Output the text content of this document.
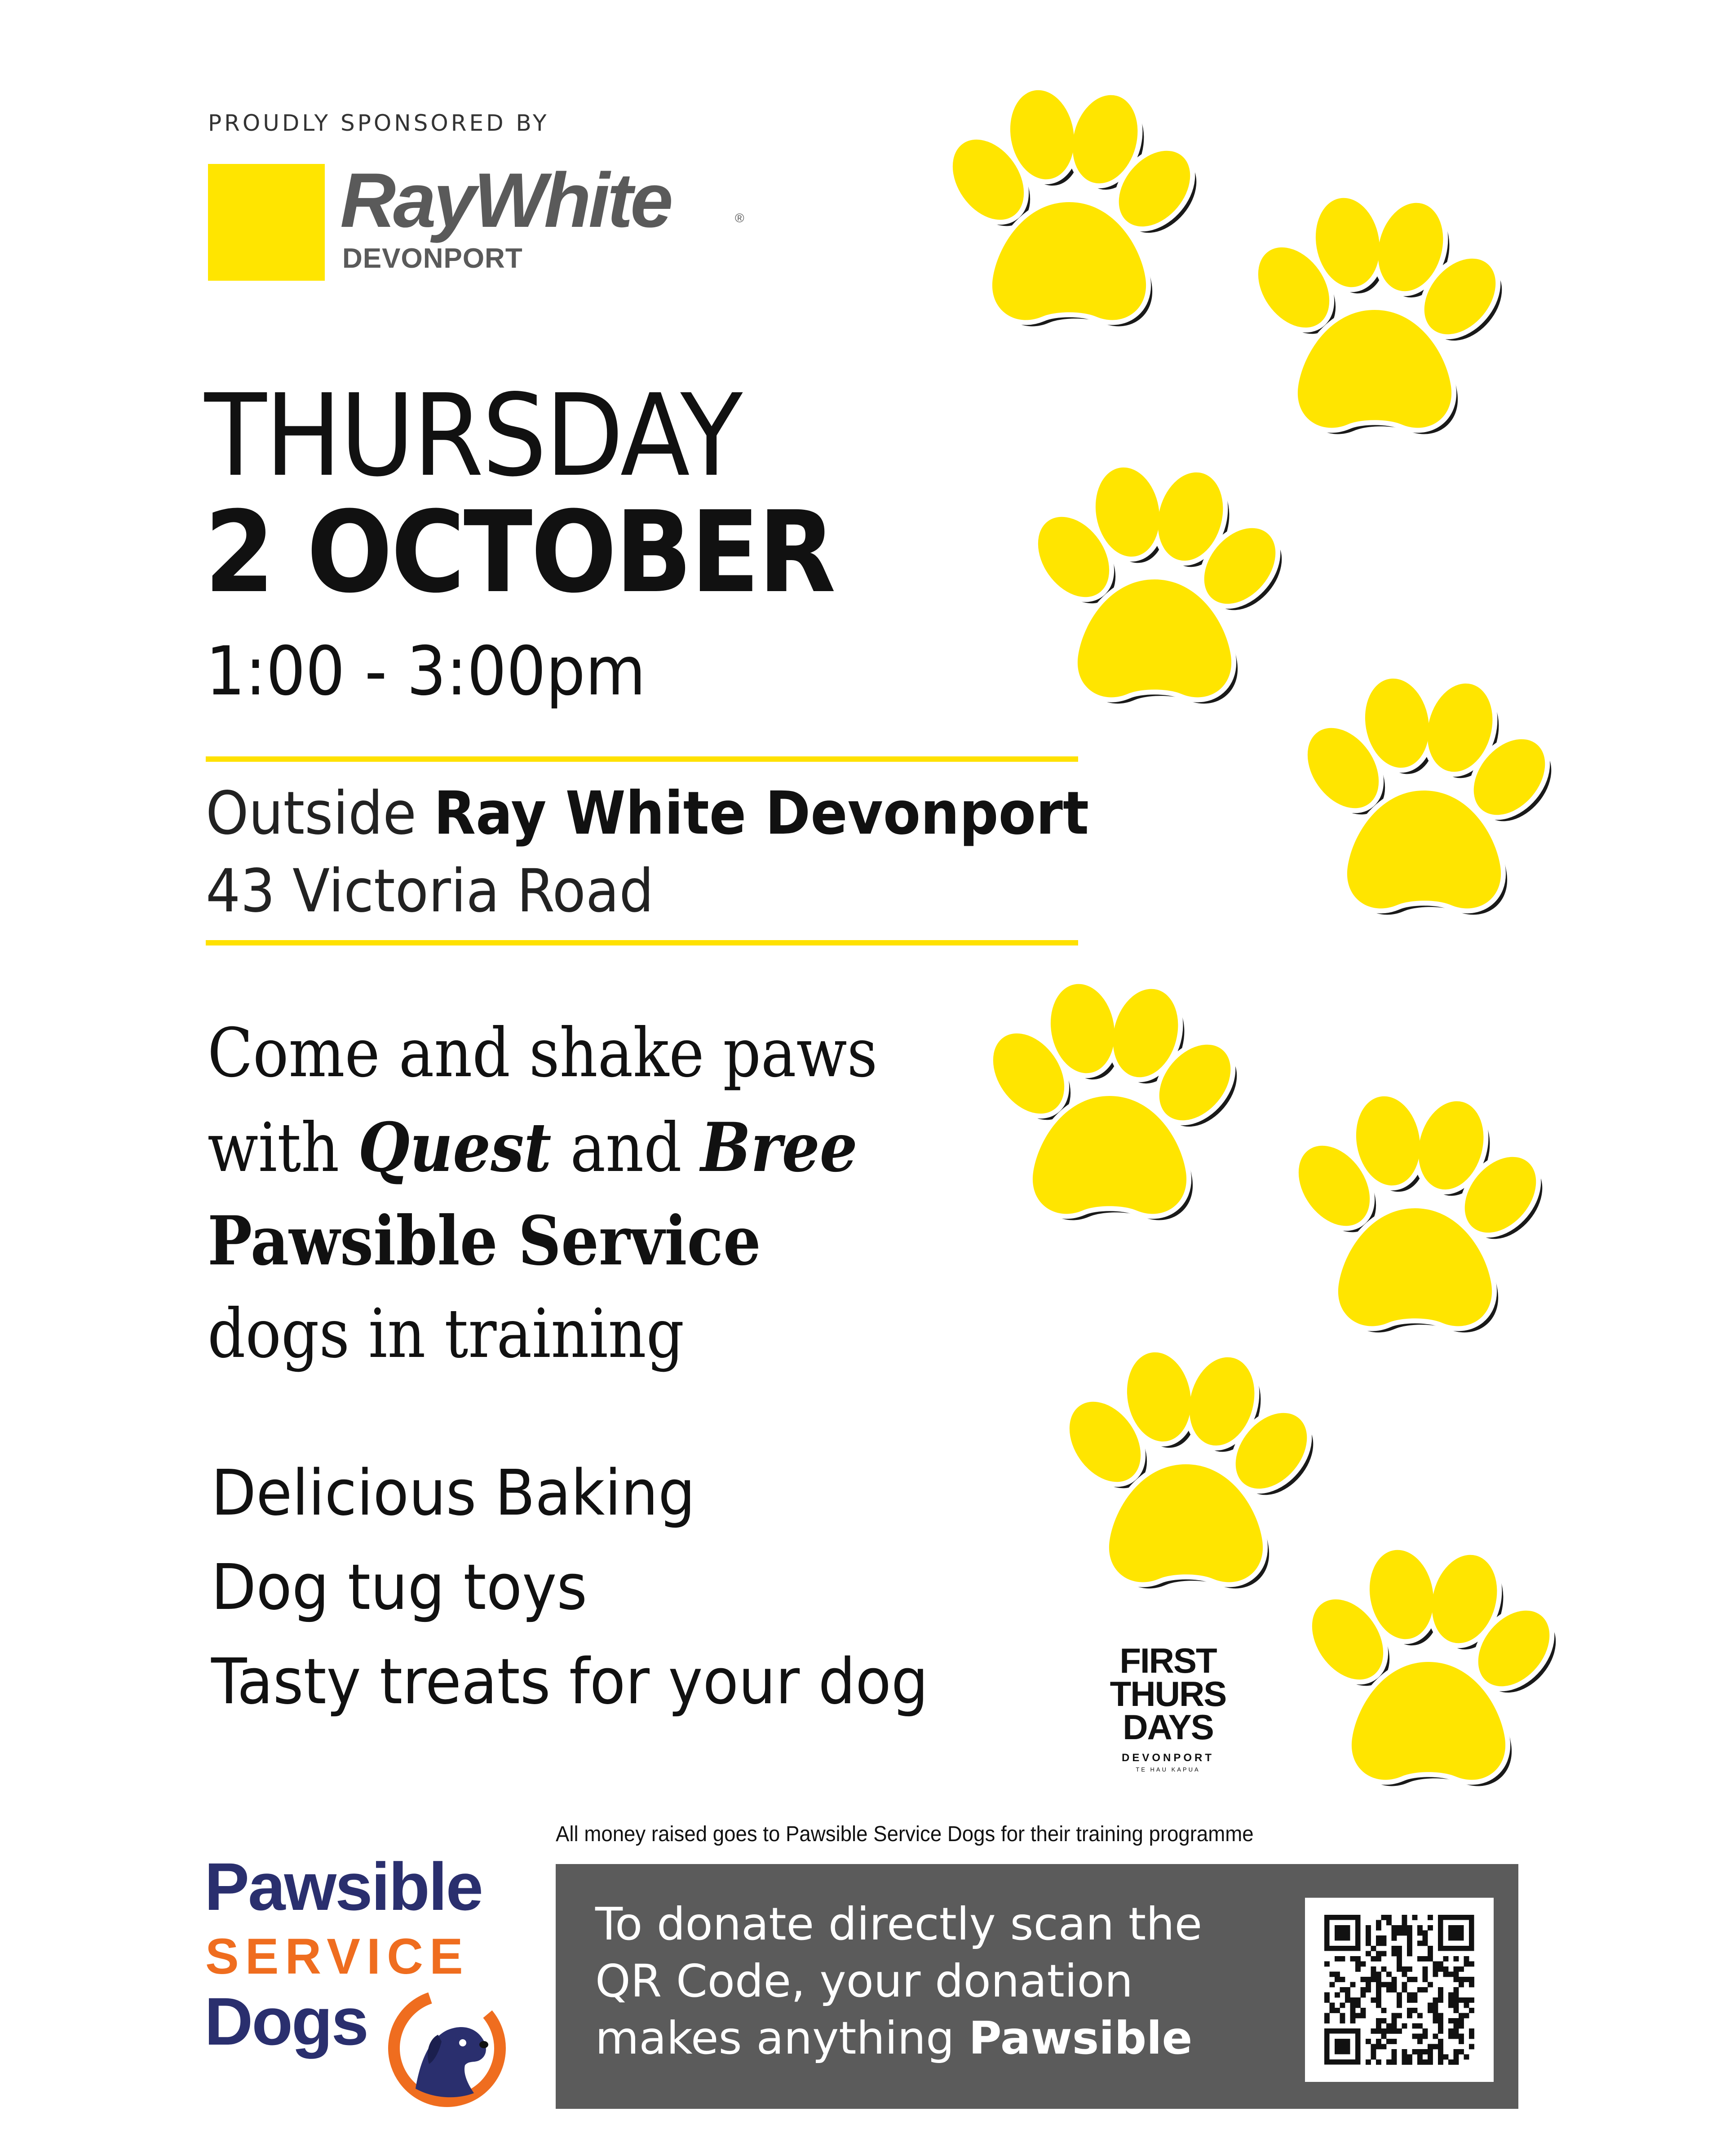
PROUDLY SPONSORED BY
RayWhite	®
DEVONPORT
THURSDAY
2 OCTOBER
1:00 - 3:00pm
Outside Ray White Devonport
43 Victoria Road
Come and shake paws
with Quest and Bree
Pawsible Service
dogs in training
Delicious Baking
Dog tug toys
Tasty treats for your dog	FIRST
THURS
DAYS
DEVONPORT
TE HAU KAPUA
Pawsible
SERVICE
Dogs
All money raised goes to Pawsible Service Dogs for their training programme
To donate directly scan the
QR Code, your donation
makes anything Pawsible
